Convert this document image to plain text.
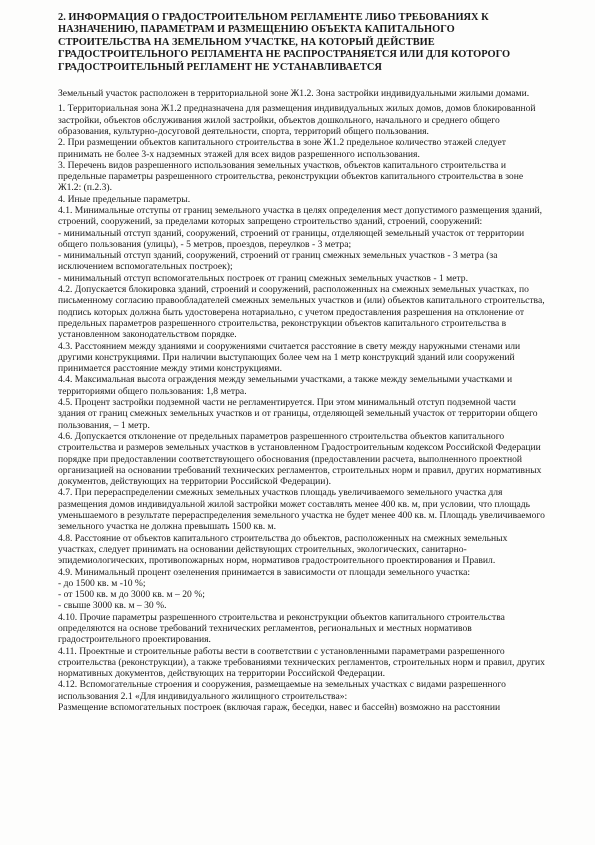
2. ИНФОРМАЦИЯ О ГРАДОСТРОИТЕЛЬНОМ РЕГЛАМЕНТЕ ЛИБО ТРЕБОВАНИЯХ К НАЗНАЧЕНИЮ, ПАРАМЕТРАМ И РАЗМЕЩЕНИЮ ОБЪЕКТА КАПИТАЛЬНОГО СТРОИТЕЛЬСТВА НА ЗЕМЕЛЬНОМ УЧАСТКЕ, НА КОТОРЫЙ ДЕЙСТВИЕ ГРАДОСТРОИТЕЛЬНОГО РЕГЛАМЕНТА НЕ РАСПРОСТРАНЯЕТСЯ ИЛИ ДЛЯ КОТОРОГО ГРАДОСТРОИТЕЛЬНЫЙ РЕГЛАМЕНТ НЕ УСТАНАВЛИВАЕТСЯ

Земельный участок расположен в территориальной зоне Ж1.2. Зона застройки индивидуальными жилыми домами.

1. Территориальная зона Ж1.2 предназначена для размещения индивидуальных жилых домов, домов блокированной застройки, объектов обслуживания жилой застройки, объектов дошкольного, начального и среднего общего образования, культурно-досуговой деятельности, спорта, территорий общего пользования.

2. При размещении объектов капитального строительства в зоне Ж1.2 предельное количество этажей следует принимать не более 3-х надземных этажей для всех видов разрешенного использования.

3. Перечень видов разрешенного использования земельных участков, объектов капитального строительства и предельные параметры разрешенного строительства, реконструкции объектов капитального строительства в зоне Ж1.2: (п.2.3).

4. Иные предельные параметры.

4.1. Минимальные отступы от границ земельного участка в целях определения мест допустимого размещения зданий, строений, сооружений, за пределами которых запрещено строительство зданий, строений, сооружений:

- минимальный отступ зданий, сооружений, строений от границы, отделяющей земельный участок от территории общего пользования (улицы), - 5 метров, проездов, переулков - 3 метра;

- минимальный отступ зданий, сооружений, строений от границ смежных земельных участков - 3 метра (за исключением вспомогательных построек);

- минимальный отступ вспомогательных построек от границ смежных земельных участков - 1 метр.

4.2. Допускается блокировка зданий, строений и сооружений, расположенных на смежных земельных участках, по письменному согласию правообладателей смежных земельных участков и (или) объектов капитального строительства, подпись которых должна быть удостоверена нотариально, с учетом предоставления разрешения на отклонение от предельных параметров разрешенного строительства, реконструкции объектов капитального строительства в установленном законодательством порядке.

4.3. Расстоянием между зданиями и сооружениями считается расстояние в свету между наружными стенами или другими конструкциями. При наличии выступающих более чем на 1 метр конструкций зданий или сооружений принимается расстояние между этими конструкциями.

4.4. Максимальная высота ограждения между земельными участками, а также между земельными участками и территориями общего пользования: 1,8 метра.

4.5. Процент застройки подземной части не регламентируется. При этом минимальный отступ подземной части здания от границ смежных земельных участков и от границы, отделяющей земельный участок от территории общего пользования, – 1 метр.

4.6. Допускается отклонение от предельных параметров разрешенного строительства объектов капитального строительства и размеров земельных участков в установленном Градостроительным кодексом Российской Федерации порядке при предоставлении соответствующего обоснования (предоставлении расчета, выполненного проектной организацией на основании требований технических регламентов, строительных норм и правил, других нормативных документов, действующих на территории Российской Федерации).

4.7. При перераспределении смежных земельных участков площадь увеличиваемого земельного участка для размещения домов индивидуальной жилой застройки может составлять менее 400 кв. м, при условии, что площадь уменьшаемого в результате перераспределения земельного участка не будет менее 400 кв. м. Площадь увеличиваемого земельного участка не должна превышать 1500 кв. м.

4.8. Расстояние от объектов капитального строительства до объектов, расположенных на смежных земельных участках, следует принимать на основании действующих строительных, экологических, санитарно-эпидемиологических, противопожарных норм, нормативов градостроительного проектирования и Правил.

4.9. Минимальный процент озеленения принимается в зависимости от площади земельного участка:

- до 1500 кв. м -10 %;

- от 1500 кв. м до 3000 кв. м – 20 %;

- свыше 3000 кв. м – 30 %.

4.10. Прочие параметры разрешенного строительства и реконструкции объектов капитального строительства определяются на основе требований технических регламентов, региональных и местных нормативов градостроительного проектирования.

4.11. Проектные и строительные работы вести в соответствии с установленными параметрами разрешенного строительства (реконструкции), а также требованиями технических регламентов, строительных норм и правил, других нормативных документов, действующих на территории Российской Федерации.

4.12. Вспомогательные строения и сооружения, размещаемые на земельных участках с видами разрешенного использования 2.1 «Для индивидуального жилищного строительства»:

Размещение вспомогательных построек (включая гараж, беседки, навес и бассейн) возможно на расстоянии
